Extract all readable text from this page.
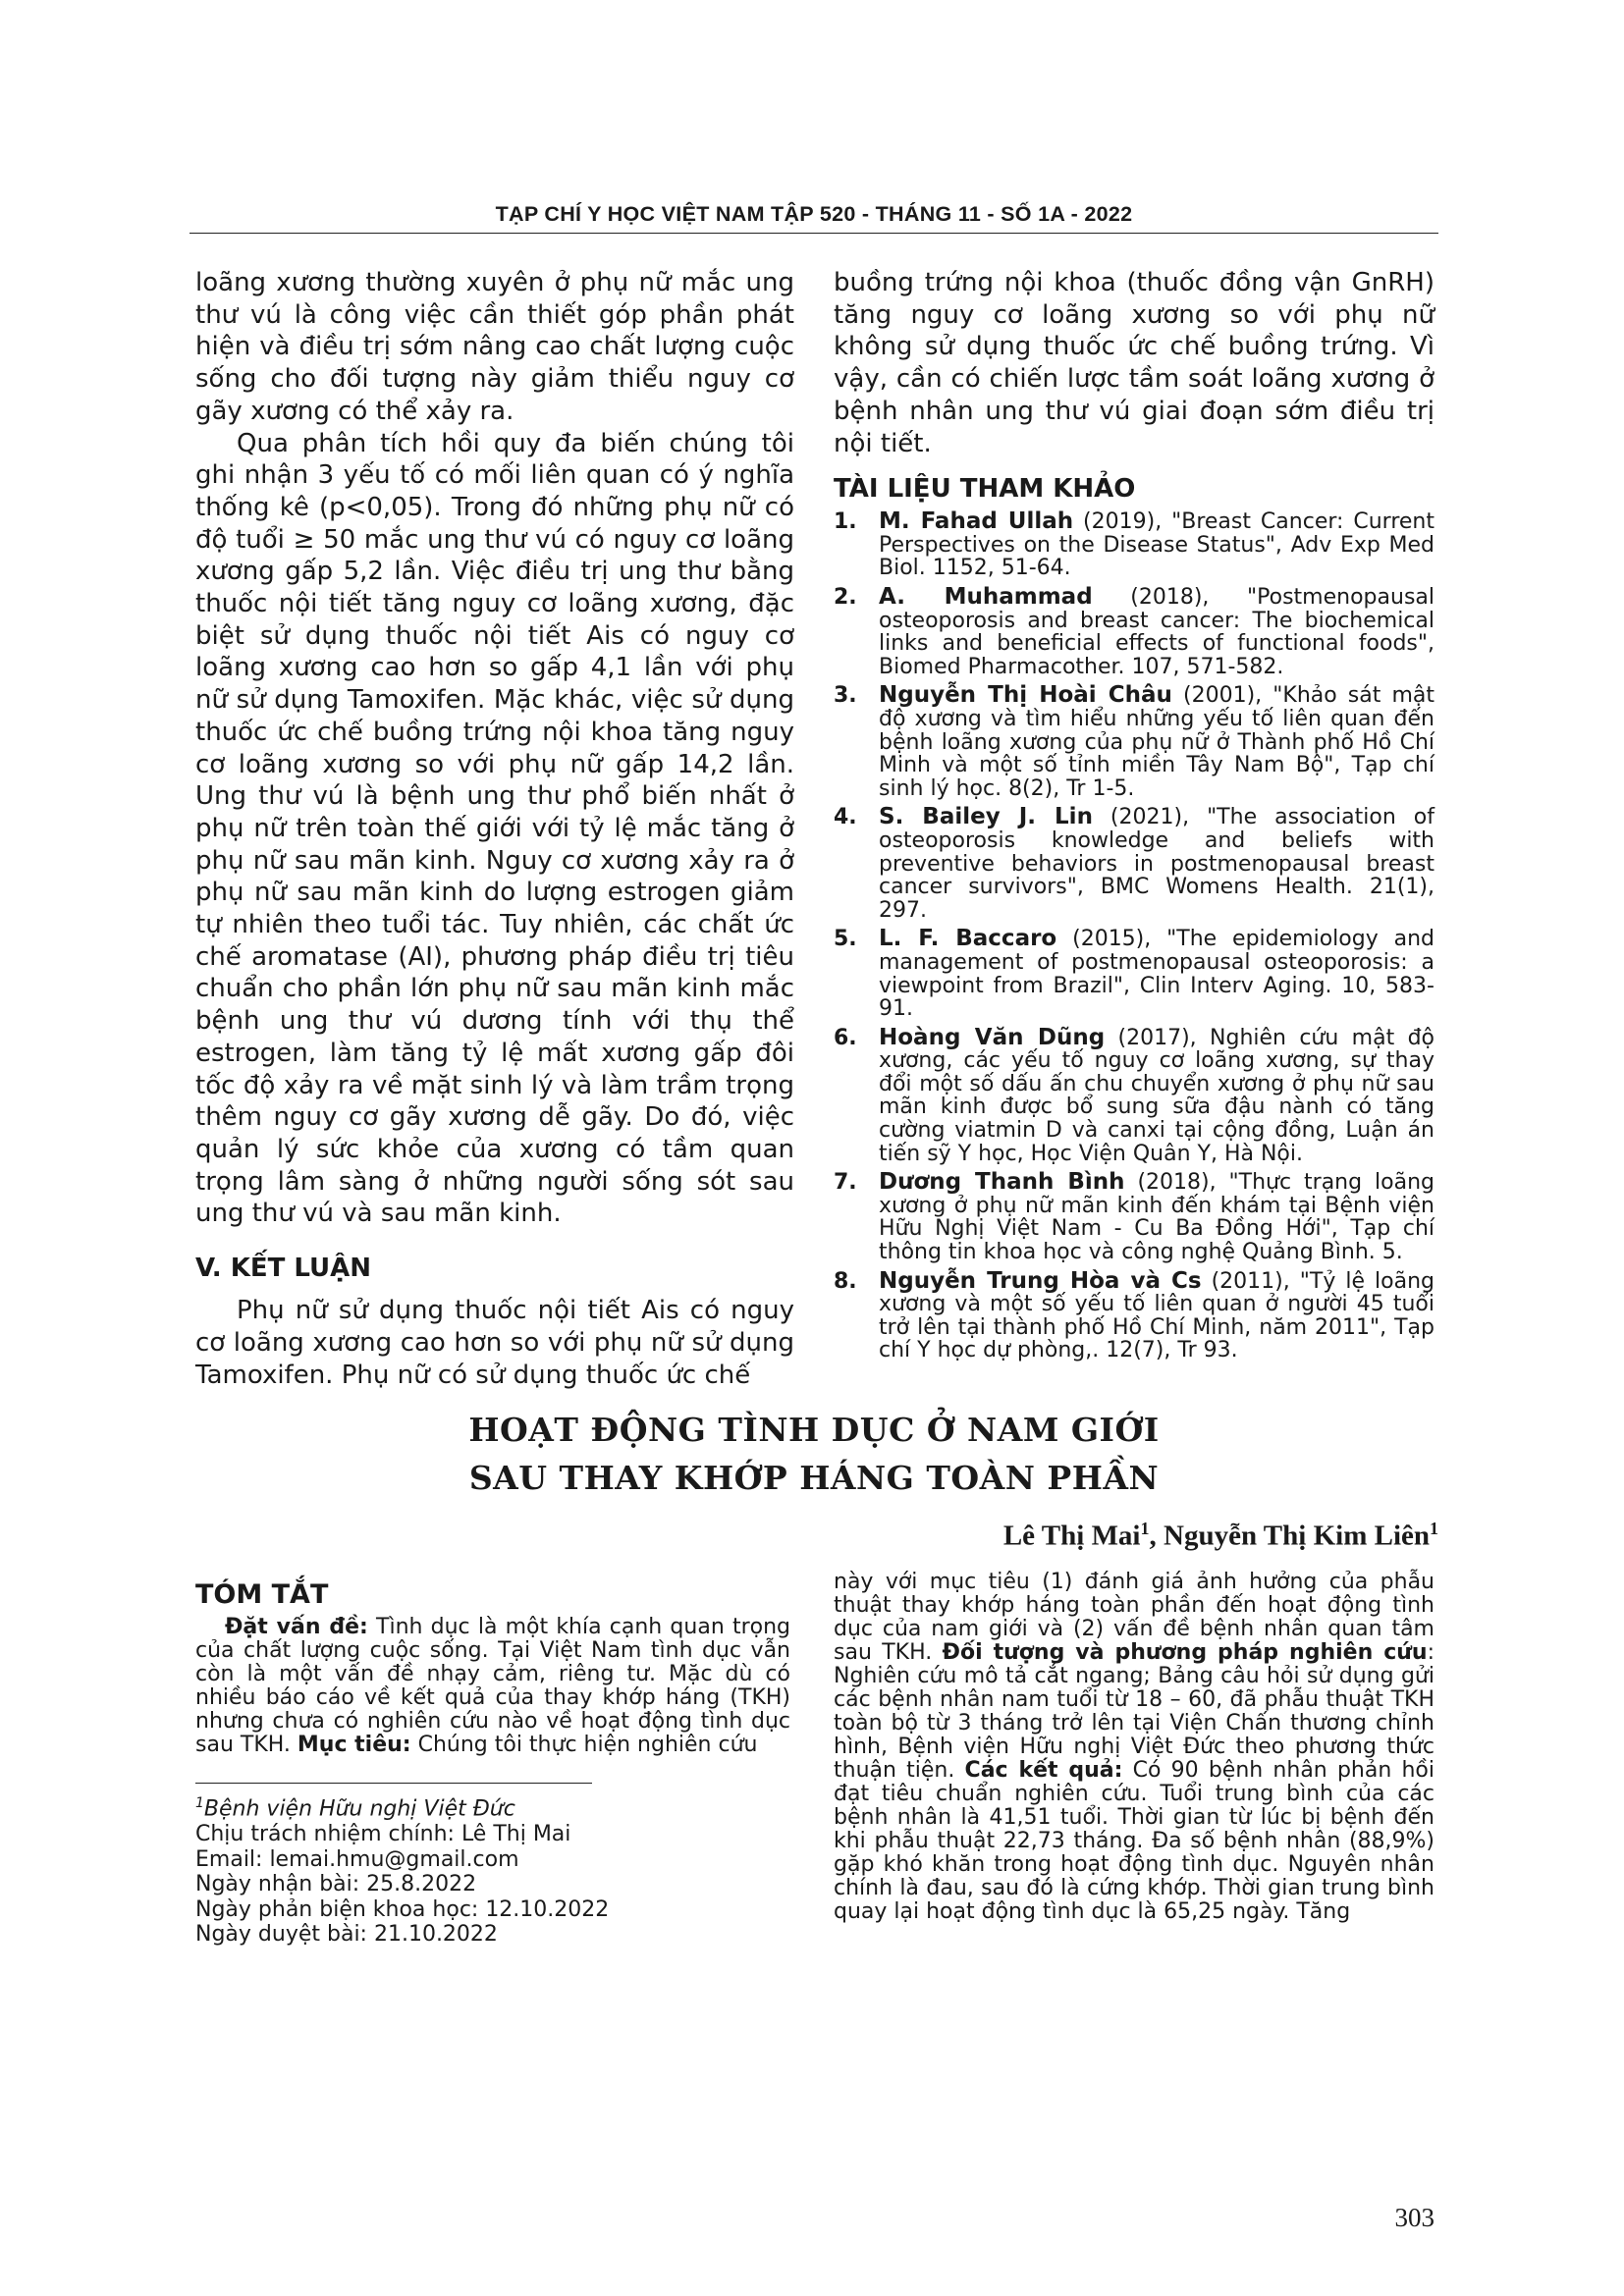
TẠP CHÍ Y HỌC VIỆT NAM TẬP 520 - THÁNG 11 - SỐ 1A - 2022

loãng xương thường xuyên ở phụ nữ mắc ung thư vú là công việc cần thiết góp phần phát hiện và điều trị sớm nâng cao chất lượng cuộc sống cho đối tượng này giảm thiểu nguy cơ gãy xương có thể xảy ra.

Qua phân tích hồi quy đa biến chúng tôi ghi nhận 3 yếu tố có mối liên quan có ý nghĩa thống kê (p<0,05). Trong đó những phụ nữ có độ tuổi ≥ 50 mắc ung thư vú có nguy cơ loãng xương gấp 5,2 lần. Việc điều trị ung thư bằng thuốc nội tiết tăng nguy cơ loãng xương, đặc biệt sử dụng thuốc nội tiết Ais có nguy cơ loãng xương cao hơn so gấp 4,1 lần với phụ nữ sử dụng Tamoxifen. Mặc khác, việc sử dụng thuốc ức chế buồng trứng nội khoa tăng nguy cơ loãng xương so với phụ nữ gấp 14,2 lần. Ung thư vú là bệnh ung thư phổ biến nhất ở phụ nữ trên toàn thế giới với tỷ lệ mắc tăng ở phụ nữ sau mãn kinh. Nguy cơ xương xảy ra ở phụ nữ sau mãn kinh do lượng estrogen giảm tự nhiên theo tuổi tác. Tuy nhiên, các chất ức chế aromatase (AI), phương pháp điều trị tiêu chuẩn cho phần lớn phụ nữ sau mãn kinh mắc bệnh ung thư vú dương tính với thụ thể estrogen, làm tăng tỷ lệ mất xương gấp đôi tốc độ xảy ra về mặt sinh lý và làm trầm trọng thêm nguy cơ gãy xương dễ gãy. Do đó, việc quản lý sức khỏe của xương có tầm quan trọng lâm sàng ở những người sống sót sau ung thư vú và sau mãn kinh.

V. KẾT LUẬN

Phụ nữ sử dụng thuốc nội tiết Ais có nguy cơ loãng xương cao hơn so với phụ nữ sử dụng Tamoxifen. Phụ nữ có sử dụng thuốc ức chế

buồng trứng nội khoa (thuốc đồng vận GnRH) tăng nguy cơ loãng xương so với phụ nữ không sử dụng thuốc ức chế buồng trứng. Vì vậy, cần có chiến lược tầm soát loãng xương ở bệnh nhân ung thư vú giai đoạn sớm điều trị nội tiết.

TÀI LIỆU THAM KHẢO
1. M. Fahad Ullah (2019), "Breast Cancer: Current Perspectives on the Disease Status", Adv Exp Med Biol. 1152, 51-64.
2. A. Muhammad (2018), "Postmenopausal osteoporosis and breast cancer: The biochemical links and beneficial effects of functional foods", Biomed Pharmacother. 107, 571-582.
3. Nguyễn Thị Hoài Châu (2001), "Khảo sát mật độ xương và tìm hiểu những yếu tố liên quan đến bệnh loãng xương của phụ nữ ở Thành phố Hồ Chí Minh và một số tỉnh miền Tây Nam Bộ", Tạp chí sinh lý học. 8(2), Tr 1-5.
4. S. Bailey J. Lin (2021), "The association of osteoporosis knowledge and beliefs with preventive behaviors in postmenopausal breast cancer survivors", BMC Womens Health. 21(1), 297.
5. L. F. Baccaro (2015), "The epidemiology and management of postmenopausal osteoporosis: a viewpoint from Brazil", Clin Interv Aging. 10, 583-91.
6. Hoàng Văn Dũng (2017), Nghiên cứu mật độ xương, các yếu tố nguy cơ loãng xương, sự thay đổi một số dấu ấn chu chuyển xương ở phụ nữ sau mãn kinh được bổ sung sữa đậu nành có tăng cường viatmin D và canxi tại cộng đồng, Luận án tiến sỹ Y học, Học Viện Quân Y, Hà Nội.
7. Dương Thanh Bình (2018), "Thực trạng loãng xương ở phụ nữ mãn kinh đến khám tại Bệnh viện Hữu Nghị Việt Nam - Cu Ba Đồng Hới", Tạp chí thông tin khoa học và công nghệ Quảng Bình. 5.
8. Nguyễn Trung Hòa và Cs (2011), "Tỷ lệ loãng xương và một số yếu tố liên quan ở người 45 tuổi trở lên tại thành phố Hồ Chí Minh, năm 2011", Tạp chí Y học dự phòng,. 12(7), Tr 93.
HOẠT ĐỘNG TÌNH DỤC Ở NAM GIỚI
SAU THAY KHỚP HÁNG TOÀN PHẦN
Lê Thị Mai$^1$, Nguyễn Thị Kim Liên$^1$
TÓM TẮT

Đặt vấn đề: Tình dục là một khía cạnh quan trọng của chất lượng cuộc sống. Tại Việt Nam tình dục vẫn còn là một vấn đề nhạy cảm, riêng tư. Mặc dù có nhiều báo cáo về kết quả của thay khớp háng (TKH) nhưng chưa có nghiên cứu nào về hoạt động tình dục sau TKH. Mục tiêu: Chúng tôi thực hiện nghiên cứu

$^1$Bệnh viện Hữu nghị Việt Đức

Chịu trách nhiệm chính: Lê Thị Mai

Email: lemai.hmu@gmail.com

Ngày nhận bài: 25.8.2022

Ngày phản biện khoa học: 12.10.2022

Ngày duyệt bài: 21.10.2022

này với mục tiêu (1) đánh giá ảnh hưởng của phẫu thuật thay khớp háng toàn phần đến hoạt động tình dục của nam giới và (2) vấn đề bệnh nhân quan tâm sau TKH. Đối tượng và phương pháp nghiên cứu: Nghiên cứu mô tả cắt ngang; Bảng câu hỏi sử dụng gửi các bệnh nhân nam tuổi từ 18 – 60, đã phẫu thuật TKH toàn bộ từ 3 tháng trở lên tại Viện Chấn thương chỉnh hình, Bệnh viện Hữu nghị Việt Đức theo phương thức thuận tiện. Các kết quả: Có 90 bệnh nhân phản hồi đạt tiêu chuẩn nghiên cứu. Tuổi trung bình của các bệnh nhân là 41,51 tuổi. Thời gian từ lúc bị bệnh đến khi phẫu thuật 22,73 tháng. Đa số bệnh nhân (88,9%) gặp khó khăn trong hoạt động tình dục. Nguyên nhân chính là đau, sau đó là cứng khớp. Thời gian trung bình quay lại hoạt động tình dục là 65,25 ngày. Tăng

303
